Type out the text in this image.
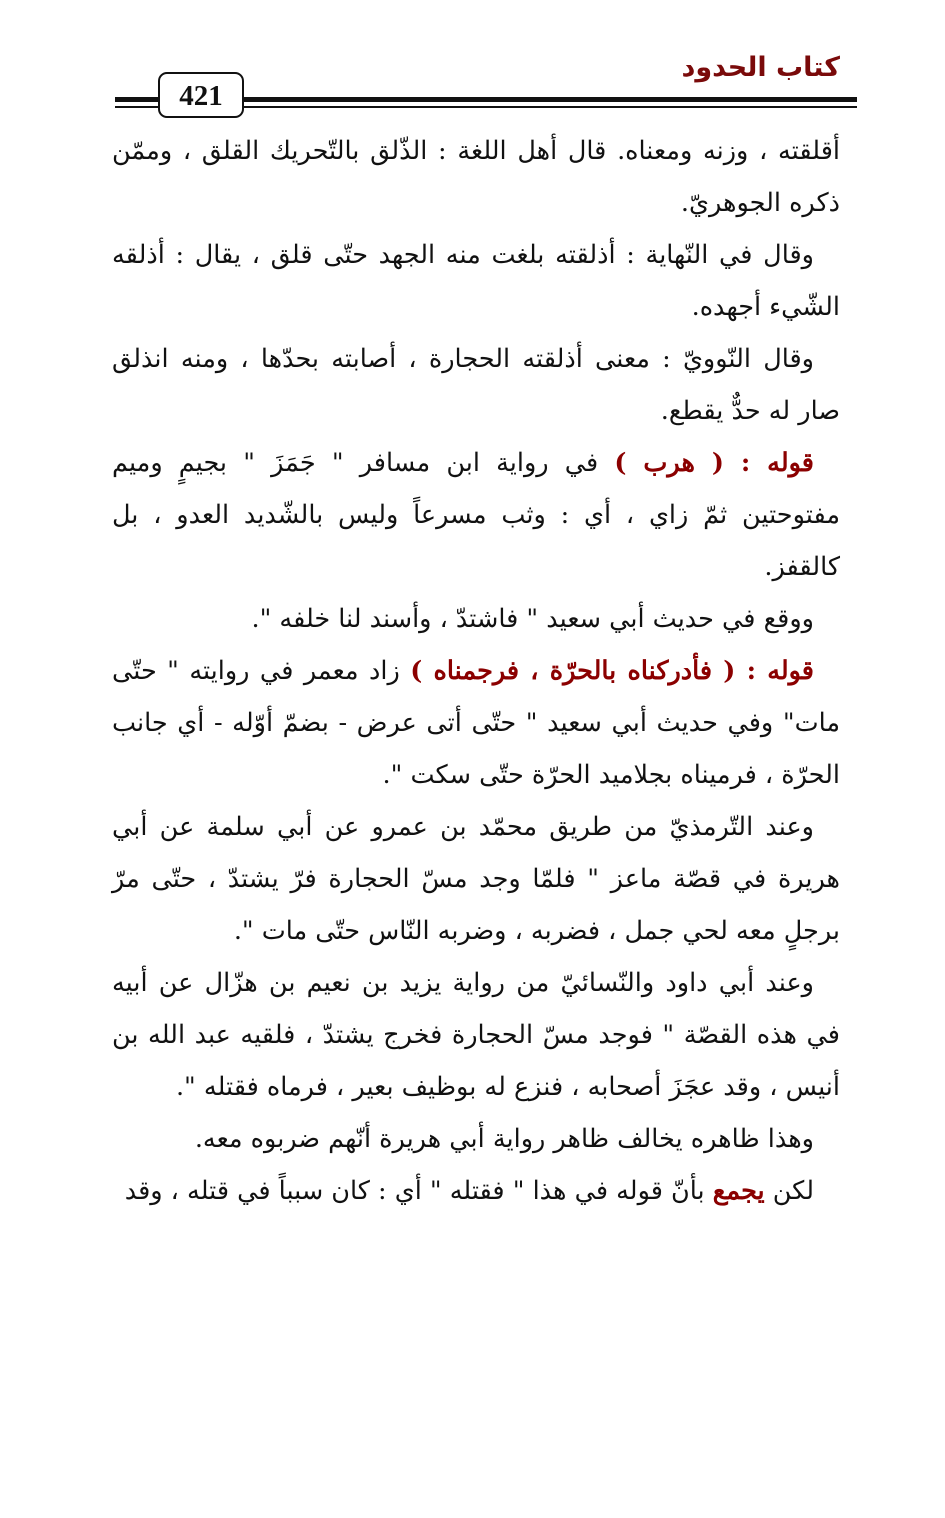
كتاب الحدود
421

أقلقته ، وزنه ومعناه. قال أهل اللغة : الذّلق بالتّحريك القلق ، وممّن ذكره الجوهريّ.

وقال في النّهاية : أذلقته بلغت منه الجهد حتّى قلق ، يقال : أذلقه الشّيء أجهده.

وقال النّوويّ : معنى أذلقته الحجارة ، أصابته بحدّها ، ومنه انذلق صار له حدٌّ يقطع.

قوله : ( هرب ) في رواية ابن مسافر " جَمَزَ " بجيمٍ وميم مفتوحتين ثمّ زاي ، أي : وثب مسرعاً وليس بالشّديد العدو ، بل كالقفز.

ووقع في حديث أبي سعيد " فاشتدّ ، وأسند لنا خلفه ".

قوله : ( فأدركناه بالحرّة ، فرجمناه ) زاد معمر في روايته " حتّى مات" وفي حديث أبي سعيد " حتّى أتى عرض - بضمّ أوّله - أي جانب الحرّة ، فرميناه بجلاميد الحرّة حتّى سكت ".

وعند التّرمذيّ من طريق محمّد بن عمرو عن أبي سلمة عن أبي هريرة في قصّة ماعز " فلمّا وجد مسّ الحجارة فرّ يشتدّ ، حتّى مرّ برجلٍ معه لحي جمل ، فضربه ، وضربه النّاس حتّى مات ".

وعند أبي داود والنّسائيّ من رواية يزيد بن نعيم بن هزّال عن أبيه في هذه القصّة " فوجد مسّ الحجارة فخرج يشتدّ ، فلقيه عبد الله بن أنيس ، وقد عجَزَ أصحابه ، فنزع له بوظيف بعير ، فرماه فقتله ".

وهذا ظاهره يخالف ظاهر رواية أبي هريرة أنّهم ضربوه معه.

لكن يجمع بأنّ قوله في هذا " فقتله " أي : كان سبباً في قتله ، وقد
